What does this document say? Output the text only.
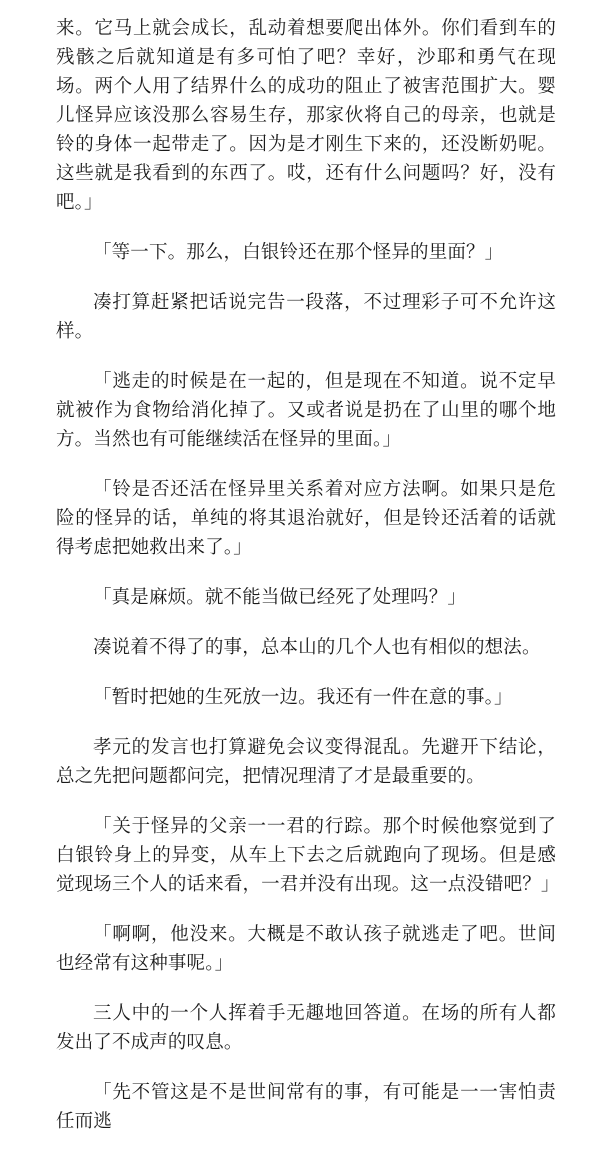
来。它马上就会成长，乱动着想要爬出体外。你们看到车的残骸之后就知道是有多可怕了吧？幸好，沙耶和勇气在现场。两个人用了结界什么的成功的阻止了被害范围扩大。婴儿怪异应该没那么容易生存，那家伙将自己的母亲，也就是铃的身体一起带走了。因为是才刚生下来的，还没断奶呢。这些就是我看到的东西了。哎，还有什么问题吗？好，没有吧。」

「等一下。那么，白银铃还在那个怪异的里面？」

凑打算赶紧把话说完告一段落，不过理彩子可不允许这样。

「逃走的时候是在一起的，但是现在不知道。说不定早就被作为食物给消化掉了。又或者说是扔在了山里的哪个地方。当然也有可能继续活在怪异的里面。」

「铃是否还活在怪异里关系着对应方法啊。如果只是危险的怪异的话，单纯的将其退治就好，但是铃还活着的话就得考虑把她救出来了。」

「真是麻烦。就不能当做已经死了处理吗？」

凑说着不得了的事，总本山的几个人也有相似的想法。

「暂时把她的生死放一边。我还有一件在意的事。」

孝元的发言也打算避免会议变得混乱。先避开下结论，总之先把问题都问完，把情况理清了才是最重要的。

「关于怪异的父亲一一君的行踪。那个时候他察觉到了白银铃身上的异变，从车上下去之后就跑向了现场。但是感觉现场三个人的话来看，一君并没有出现。这一点没错吧？」

「啊啊，他没来。大概是不敢认孩子就逃走了吧。世间也经常有这种事呢。」

三人中的一个人挥着手无趣地回答道。在场的所有人都发出了不成声的叹息。

「先不管这是不是世间常有的事，有可能是一一害怕责任而逃
